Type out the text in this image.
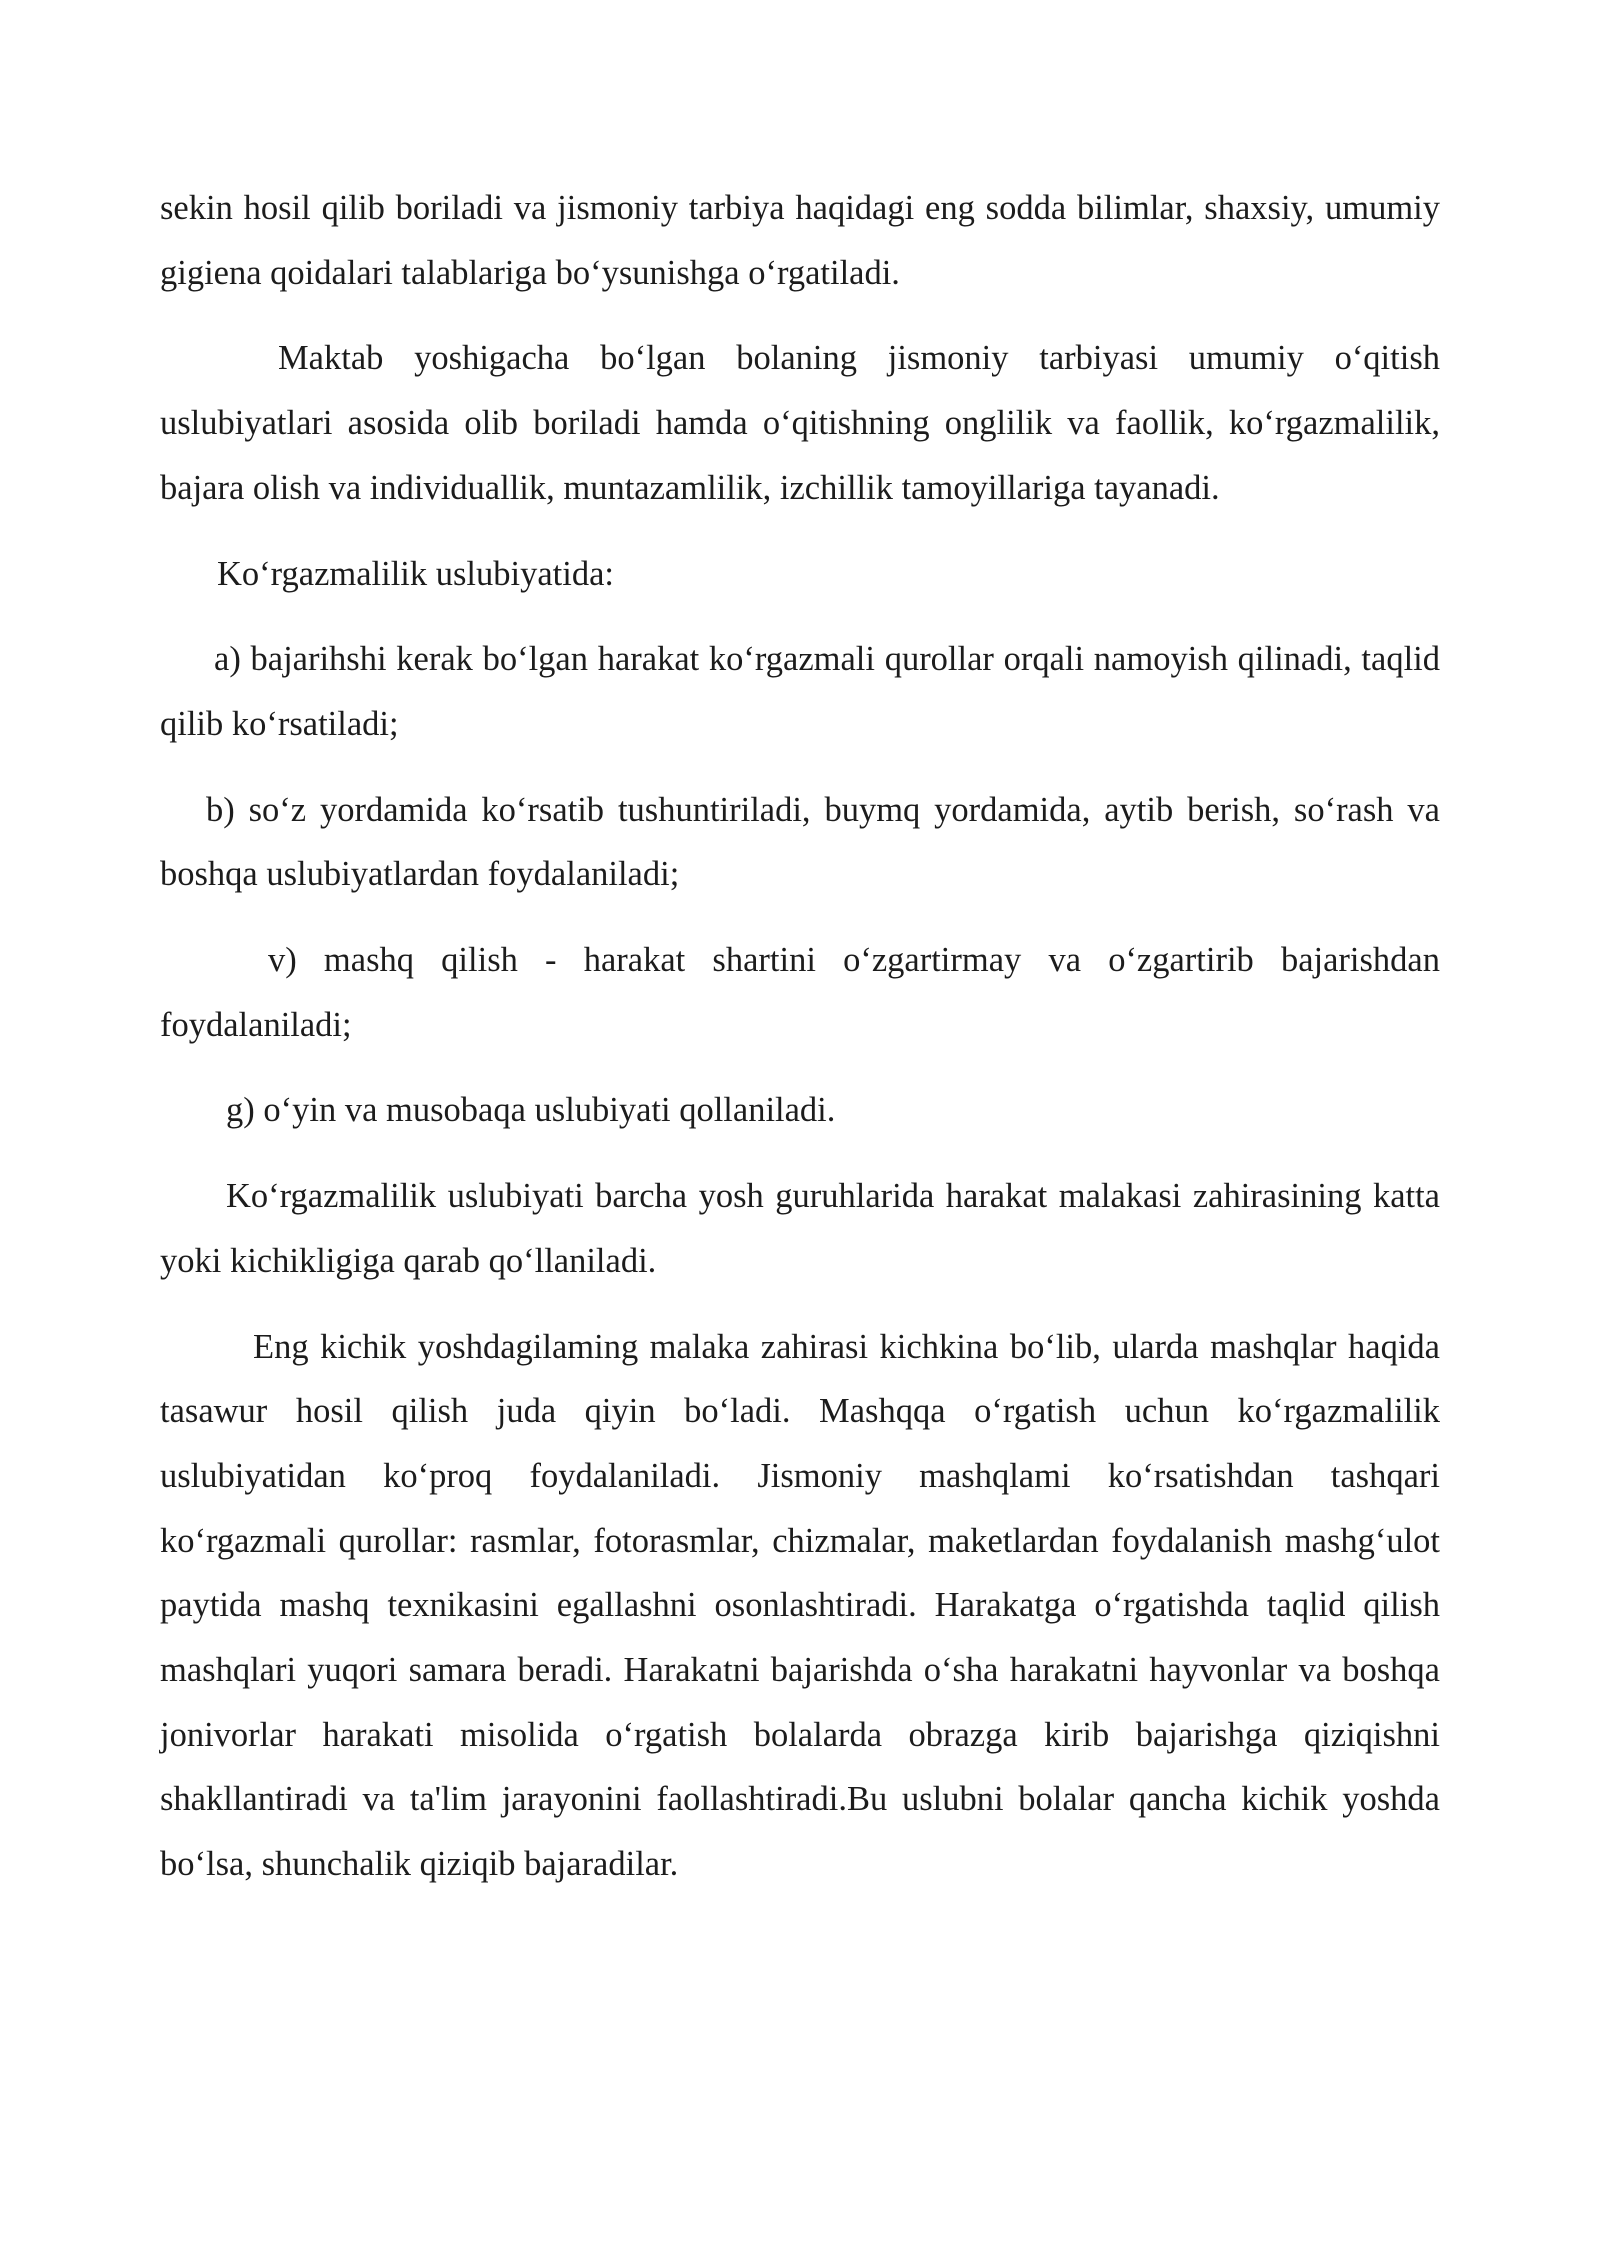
sekin hosil qilib boriladi va jismoniy tarbiya haqidagi eng sodda bilimlar, shaxsiy, umumiy gigiena qoidalari talablariga bo‘ysunishga o‘rgatiladi.

Maktab yoshigacha bo‘lgan bolaning jismoniy tarbiyasi umumiy o‘qitish uslubiyatlari asosida olib boriladi hamda o‘qitishning onglilik va faollik, ko‘rgazmalilik, bajara olish va individuallik, muntazamlilik, izchillik tamoyillariga tayanadi.

Ko‘rgazmalilik uslubiyatida:

a) bajarihshi kerak bo‘lgan harakat ko‘rgazmali qurollar orqali namoyish qilinadi, taqlid qilib ko‘rsatiladi;

b) so‘z yordamida ko‘rsatib tushuntiriladi, buymq yordamida, aytib berish, so‘rash va boshqa uslubiyatlardan foydalaniladi;

v) mashq qilish - harakat shartini o‘zgartirmay va o‘zgartirib bajarishdan foydalaniladi;

g) o‘yin va musobaqa uslubiyati qollaniladi.

Ko‘rgazmalilik uslubiyati barcha yosh guruhlarida harakat malakasi zahirasining katta yoki kichikligiga qarab qo‘llaniladi.

Eng kichik yoshdagilaming malaka zahirasi kichkina bo‘lib, ularda mashqlar haqida tasawur hosil qilish juda qiyin bo‘ladi. Mashqqa o‘rgatish uchun ko‘rgazmalilik uslubiyatidan ko‘proq foydalaniladi. Jismoniy mashqlami ko‘rsatishdan tashqari ko‘rgazmali qurollar: rasmlar, fotorasmlar, chizmalar, maketlardan foydalanish mashg‘ulot paytida mashq texnikasini egallashni osonlashtiradi. Harakatga o‘rgatishda taqlid qilish mashqlari yuqori samara beradi. Harakatni bajarishda o‘sha harakatni hayvonlar va boshqa jonivorlar harakati misolida o‘rgatish bolalarda obrazga kirib bajarishga qiziqishni shakllantiradi va ta'lim jarayonini faollashtiradi.Bu uslubni bolalar qancha kichik yoshda bo‘lsa, shunchalik qiziqib bajaradilar.
